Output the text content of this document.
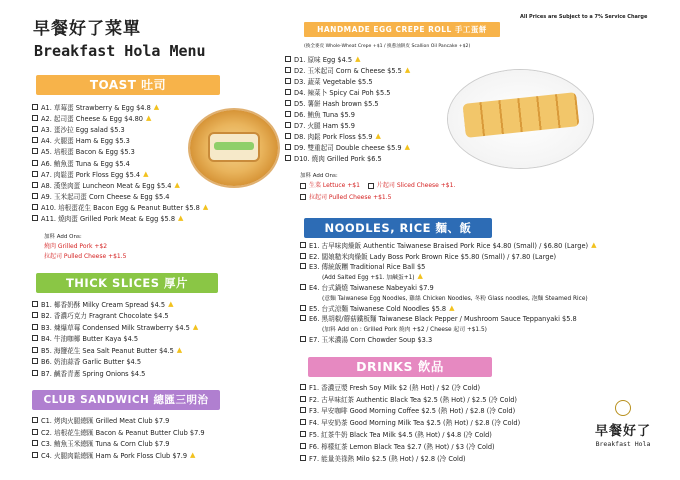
早餐好了菜單
Breakfast Hola Menu
All Prices are Subject to a 7% Service Charge
TOAST 吐司
A1. 草莓蛋 Strawberry & Egg $4.8 ▲
A2. 起司蛋 Cheese & Egg $4.80 ▲
A3. 蛋沙拉 Egg salad $5.3
A4. 火腿蛋 Ham & Egg $5.3
A5. 培根蛋 Bacon & Egg $5.3
A6. 鮪魚蛋 Tuna & Egg $5.4
A7. 肉鬆蛋 Pork Floss Egg $5.4 ▲
A8. 漢堡肉蛋 Luncheon Meat & Egg $5.4 ▲
A9. 玉米起司蛋 Corn Cheese & Egg $5.4
A10. 培根蛋花生 Bacon Egg & Peanut Butter $5.8 ▲
A11. 燒肉蛋 Grilled Pork Meat & Egg $5.8 ▲
加料 Add Ons:
燒肉 Grilled Pork +$2
拉起司 Pulled Cheese +$1.5
THICK SLICES 厚片
B1. 椰香奶酥 Milky Cream Spread $4.5 ▲
B2. 香濃巧克力 Fragrant Chocolate $4.5
B3. 煉爆草莓 Condensed Milk Strawberry $4.5 ▲
B4. 牛油咖椰 Butter Kaya $4.5
B5. 海鹽花生 Sea Salt Peanut Butter $4.5 ▲
B6. 奶油蒜香 Garlic Butter $4.5
B7. 鹹香青蔥 Spring Onions $4.5
CLUB SANDWICH 總匯三明治
C1. 烤肉火腿總匯 Grilled Meat Club $7.9
C2. 培根花生總匯 Bacon & Peanut Butter Club $7.9
C3. 鮪魚玉米總匯 Tuna & Corn Club $7.9
C4. 火腿肉鬆總匯 Ham & Pork Floss Club $7.9 ▲
HANDMADE EGG CREPE ROLL 手工蛋餅
(換全麥皮 Whole-Wheat Crepe +$1 / 換蔥油餅皮 Scallion Oil Pancake +$2)
D1. 原味 Egg $4.5 ▲
D2. 玉米起司 Corn & Cheese $5.5 ▲
D3. 蔬菜 Vegetable $5.5
D4. 辣菜卜 Spicy Cai Poh $5.5
D5. 薯餅 Hash brown $5.5
D6. 鮪魚 Tuna $5.9
D7. 火腿 Ham $5.9
D8. 肉鬆 Pork Floss $5.9 ▲
D9. 雙重起司 Double cheese $5.9 ▲
D10. 燒肉 Grilled Pork $6.5
加料 Add Ons:
生菜 Lettuce +$1	片起司 Sliced Cheese +$1.
拉起司 Pulled Cheese +$1.5
NOODLES, RICE 麵、飯
E1. 古早味肉燥飯 Authentic Taiwanese Braised Pork Rice $4.80 (Small) / $6.80 (Large) ▲
E2. 闆娘糙米肉燥飯 Lady Boss Pork Brown Rice $5.80 (Small) / $7.80 (Large)
E3. 傳統飯糰 Traditional Rice Ball $5
(Add Salted Egg +$1. 加鹹蛋+1) ▲
E4. 台式鍋燒 Taiwanese Nabeyaki $7.9
(意麵 Taiwanese Egg Noodles, 雞絲 Chicken Noodles, 冬粉 Glass noodles, 泡麵 Steamed Rice)
E5. 台式涼麵 Taiwanese Cold Noodles $5.8 ▲
E6. 黑胡椒/蘑菇鐵板麵 Taiwanese Black Pepper / Mushroom Sauce Teppanyaki $5.8
(加料 Add on : Grilled Pork 燒肉 +$2 / Cheese 起司 +$1.5)
E7. 玉米濃湯 Corn Chowder Soup $3.3
DRINKS 飲品
F1. 香濃豆漿 Fresh Soy Milk $2 (熱 Hot) / $2 (冷 Cold)
F2. 古早味紅茶 Authentic Black Tea $2.5 (熱 Hot) / $2.5 (冷 Cold)
F3. 早安咖啡 Good Morning Coffee $2.5 (熱 Hot) / $2.8 (冷 Cold)
F4. 早安奶茶 Good Morning Milk Tea $2.5 (熱 Hot) / $2.8 (冷 Cold)
F5. 紅茶牛奶 Black Tea Milk $4.5 (熱 Hot) / $4.8 (冷 Cold)
F6. 檸檬紅茶 Lemon Black Tea $2.7 (熱 Hot) / $3 (冷 Cold)
F7. 能量美祿熱 Milo $2.5 (熱 Hot) / $2.8 (冷 Cold)
早餐好了
Breakfast Hola
